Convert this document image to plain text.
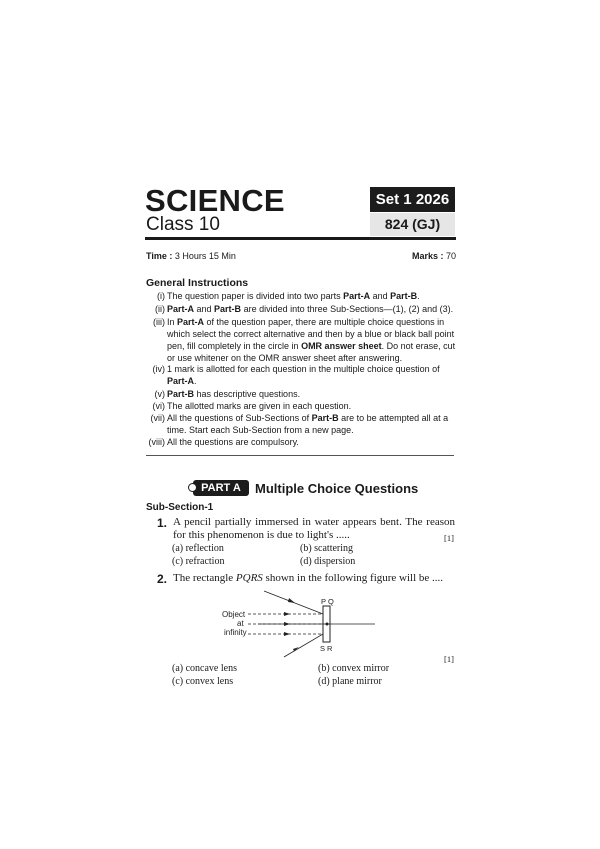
SCIENCE
Class 10
Set 1 2026
824 (GJ)
Time : 3 Hours 15 Min	Marks : 70
General Instructions
(i) The question paper is divided into two parts Part-A and Part-B.
(ii) Part-A and Part-B are divided into three Sub-Sections—(1), (2) and (3).
(iii) In Part-A of the question paper, there are multiple choice questions in which select the correct alternative and then by a blue or black ball point pen, fill completely in the circle in OMR answer sheet. Do not erase, cut or use whitener on the OMR answer sheet after answering.
(iv) 1 mark is allotted for each question in the multiple choice question of Part-A.
(v) Part-B has descriptive questions.
(vi) The allotted marks are given in each question.
(vii) All the questions of Sub-Sections of Part-B are to be attempted all at a time. Start each Sub-Section from a new page.
(viii) All the questions are compulsory.
PART A	Multiple Choice Questions
Sub-Section-1
1. A pencil partially immersed in water appears bent. The reason for this phenomenon is due to light's .....	[1]
(a) reflection	(b) scattering
(c) refraction	(d) dispersion
2. The rectangle PQRS shown in the following figure will be ....
Object
at
infinity
P Q
S R
[1]
(a) concave lens	(b) convex mirror
(c) convex lens	(d) plane mirror
